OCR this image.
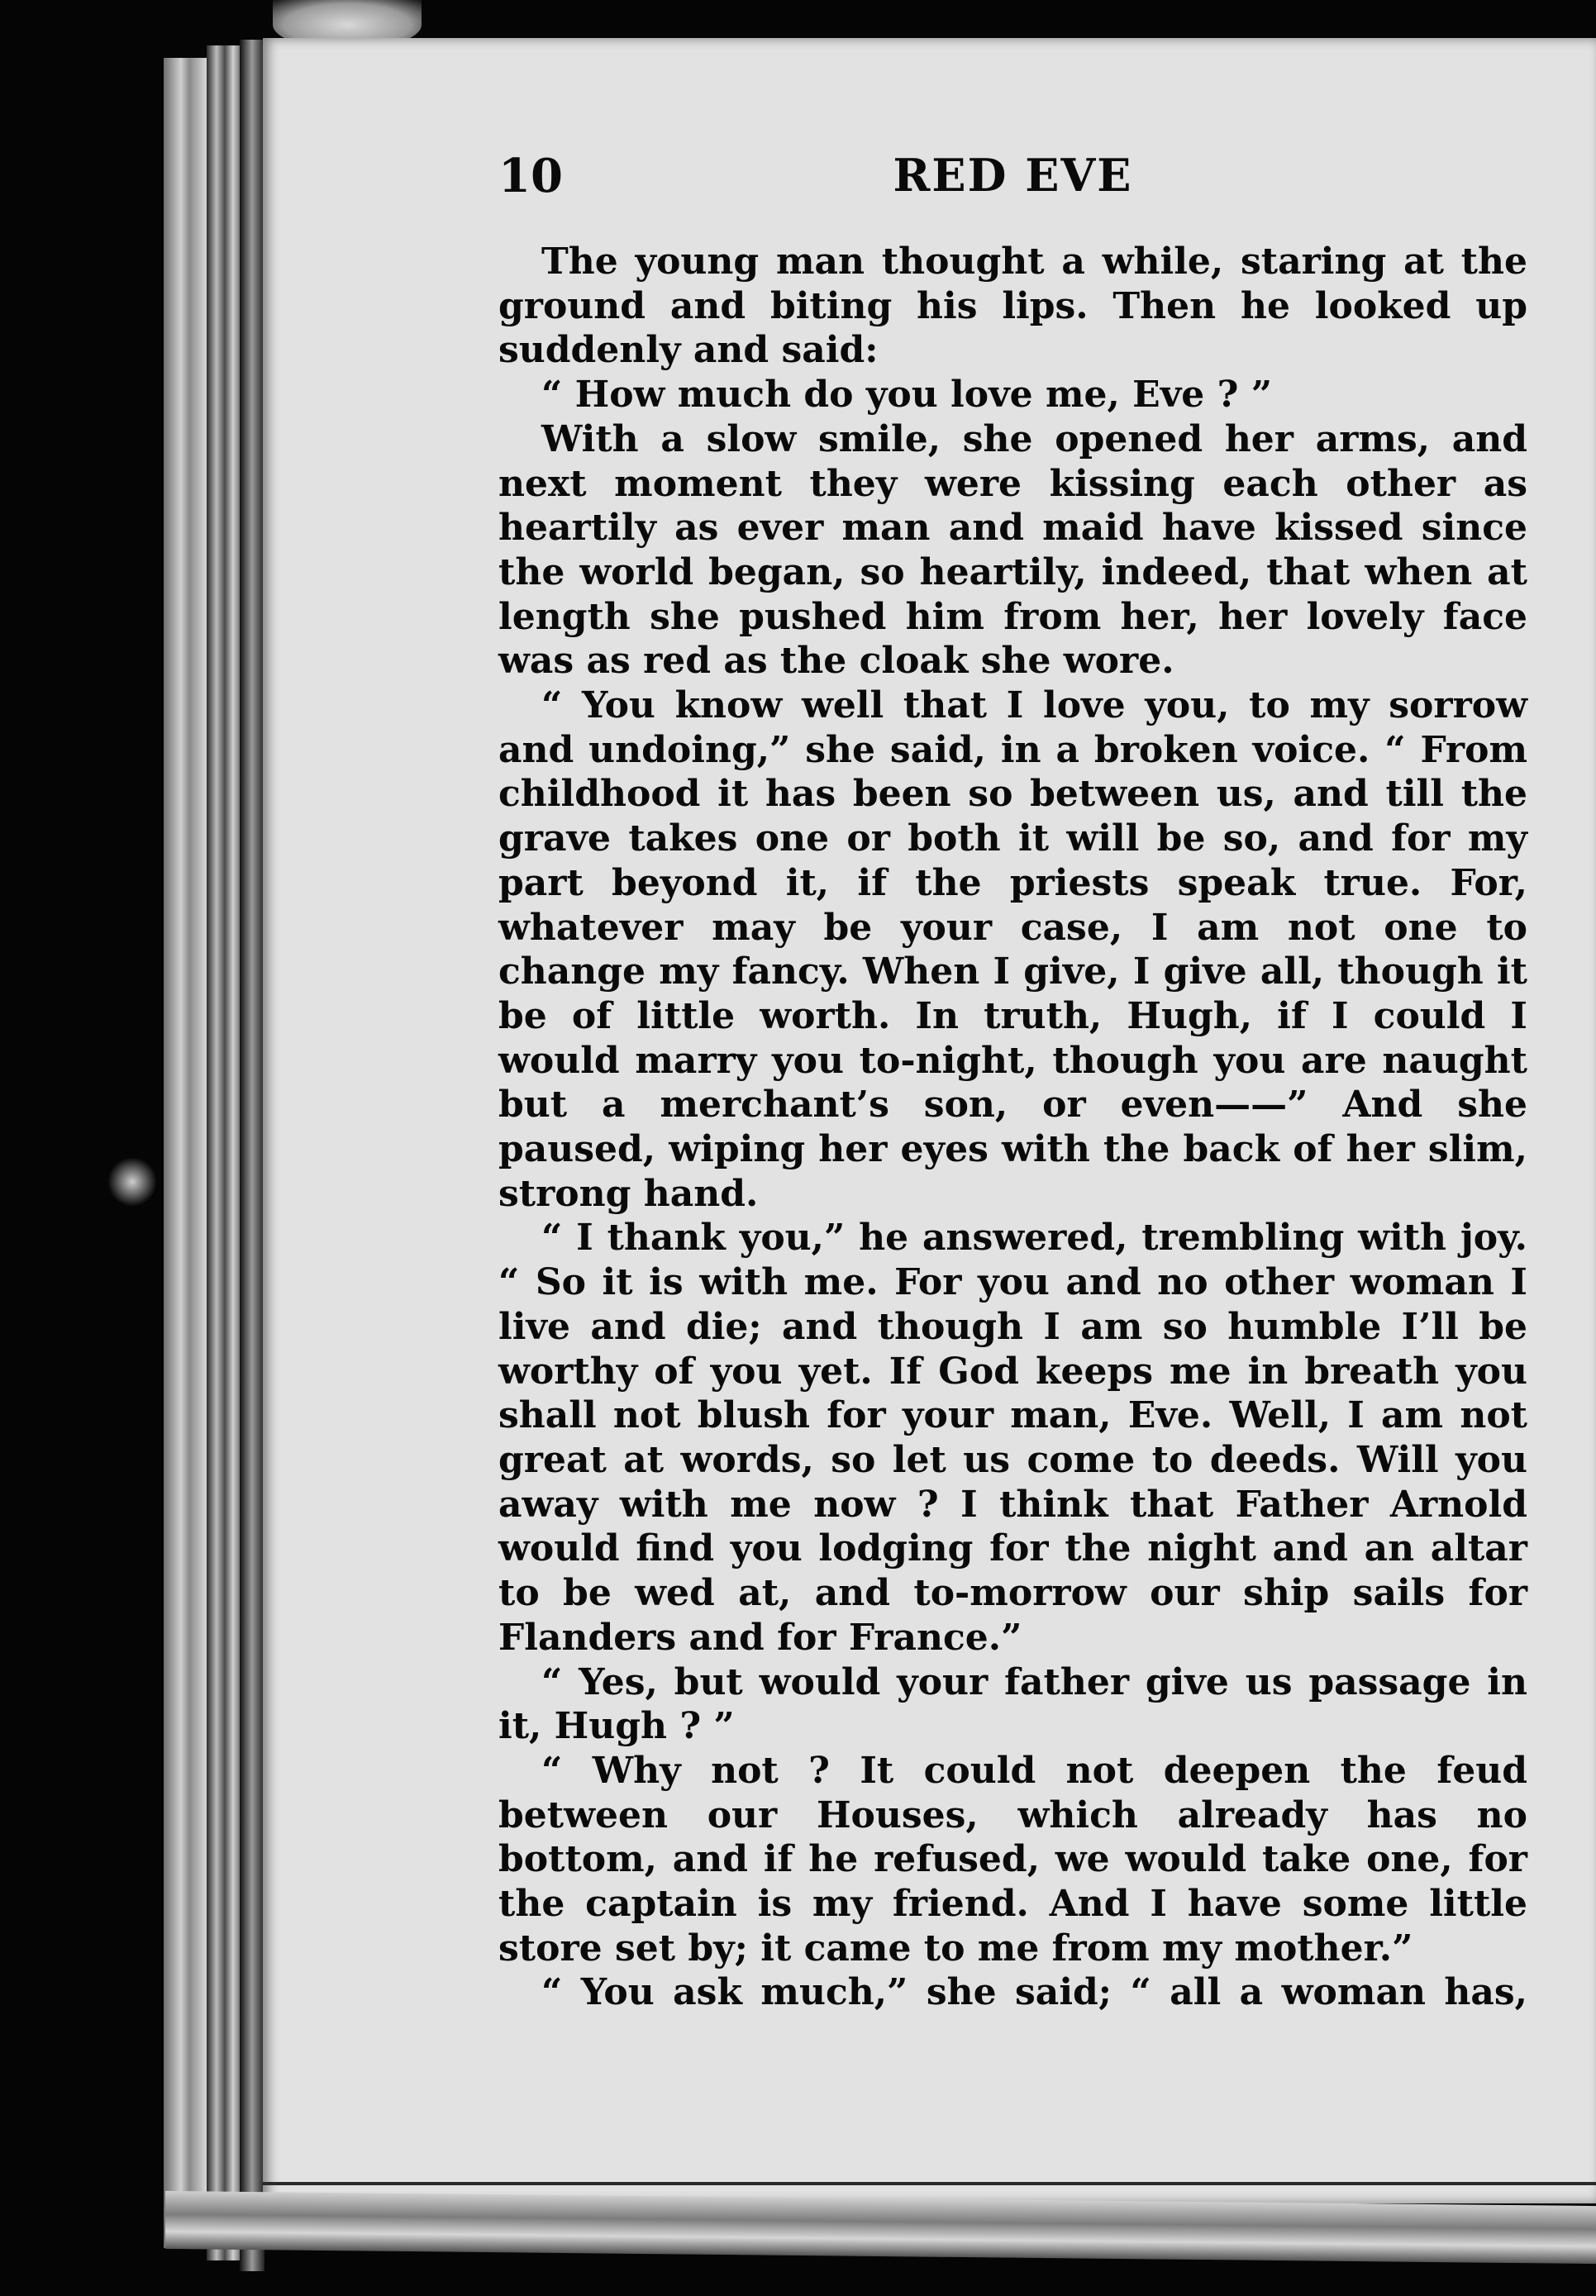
10	RED EVE

The young man thought a while, staring at the ground and biting his lips. Then he looked up suddenly and said:

“ How much do you love me, Eve ? ”

With a slow smile, she opened her arms, and next moment they were kissing each other as heartily as ever man and maid have kissed since the world began, so heartily, indeed, that when at length she pushed him from her, her lovely face was as red as the cloak she wore.

“ You know well that I love you, to my sorrow and undoing,” she said, in a broken voice. “ From childhood it has been so between us, and till the grave takes one or both it will be so, and for my part beyond it, if the priests speak true. For, whatever may be your case, I am not one to change my fancy. When I give, I give all, though it be of little worth. In truth, Hugh, if I could I would marry you to-night, though you are naught but a merchant’s son, or even——” And she paused, wiping her eyes with the back of her slim, strong hand.

“ I thank you,” he answered, trembling with joy. “ So it is with me. For you and no other woman I live and die; and though I am so humble I’ll be worthy of you yet. If God keeps me in breath you shall not blush for your man, Eve. Well, I am not great at words, so let us come to deeds. Will you away with me now ? I think that Father Arnold would find you lodging for the night and an altar to be wed at, and to-morrow our ship sails for Flanders and for France.”

“ Yes, but would your father give us passage in it, Hugh ? ”

“ Why not ? It could not deepen the feud between our Houses, which already has no bottom, and if he refused, we would take one, for the captain is my friend. And I have some little store set by; it came to me from my mother.”

“ You ask much,” she said; “ all a woman has,
